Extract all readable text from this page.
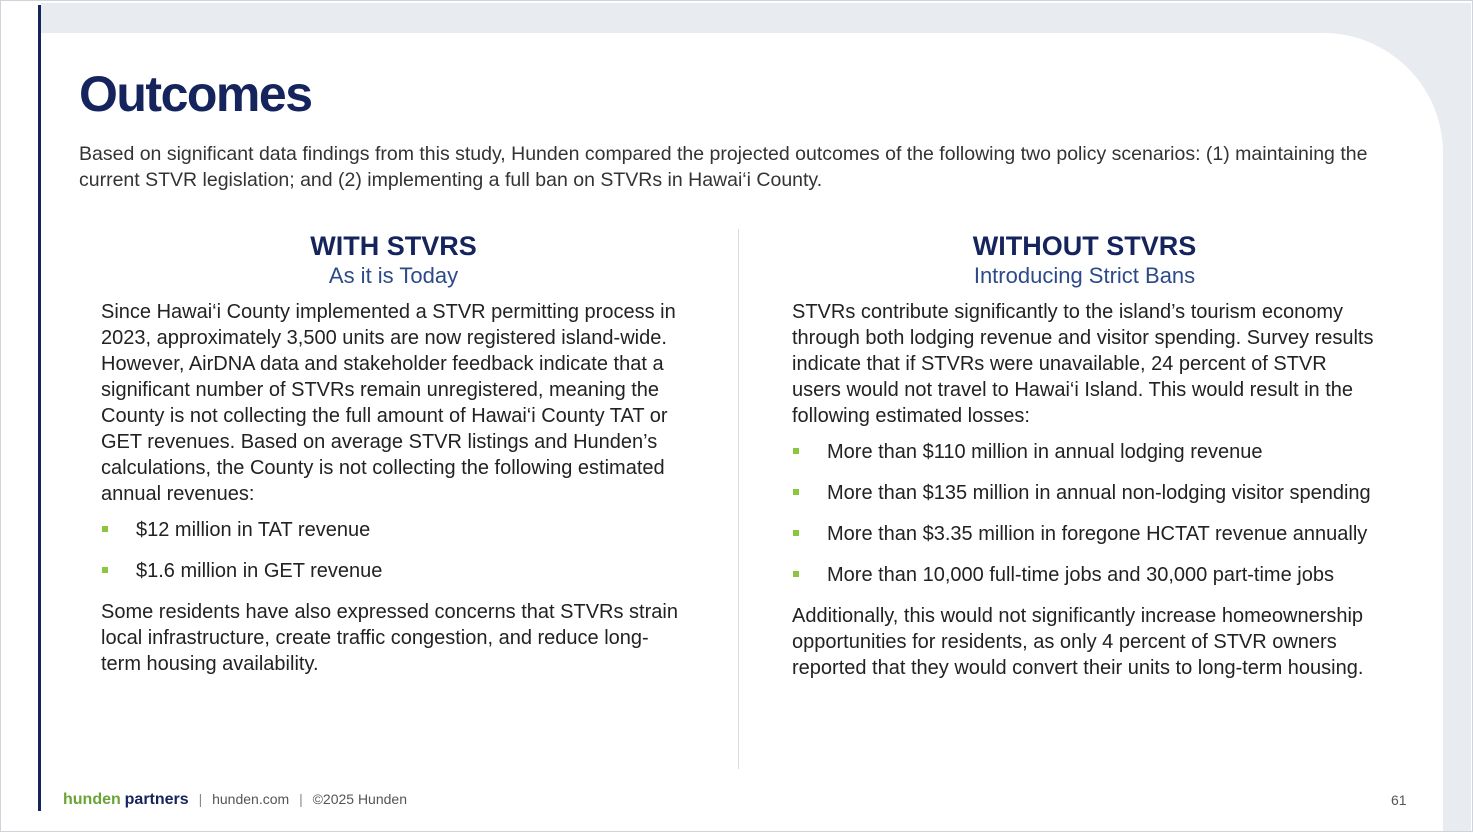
Outcomes

Based on significant data findings from this study, Hunden compared the projected outcomes of the following two policy scenarios: (1) maintaining the current STVR legislation; and (2) implementing a full ban on STVRs in Hawai‘i County.

WITH STVRS

As it is Today

Since Hawai‘i County implemented a STVR permitting process in 2023, approximately 3,500 units are now registered island-wide. However, AirDNA data and stakeholder feedback indicate that a significant number of STVRs remain unregistered, meaning the County is not collecting the full amount of Hawai‘i County TAT or GET revenues. Based on average STVR listings and Hunden’s calculations, the County is not collecting the following estimated annual revenues:

$12 million in TAT revenue
$1.6 million in GET revenue

Some residents have also expressed concerns that STVRs strain local infrastructure, create traffic congestion, and reduce long-term housing availability.

WITHOUT STVRS

Introducing Strict Bans

STVRs contribute significantly to the island’s tourism economy through both lodging revenue and visitor spending. Survey results indicate that if STVRs were unavailable, 24 percent of STVR users would not travel to Hawai‘i Island. This would result in the following estimated losses:

More than $110 million in annual lodging revenue
More than $135 million in annual non-lodging visitor spending
More than $3.35 million in foregone HCTAT revenue annually
More than 10,000 full-time jobs and 30,000 part-time jobs

Additionally, this would not significantly increase homeownership opportunities for residents, as only 4 percent of STVR owners reported that they would convert their units to long-term housing.

hunden partners | hunden.com | ©2025 Hunden	61
